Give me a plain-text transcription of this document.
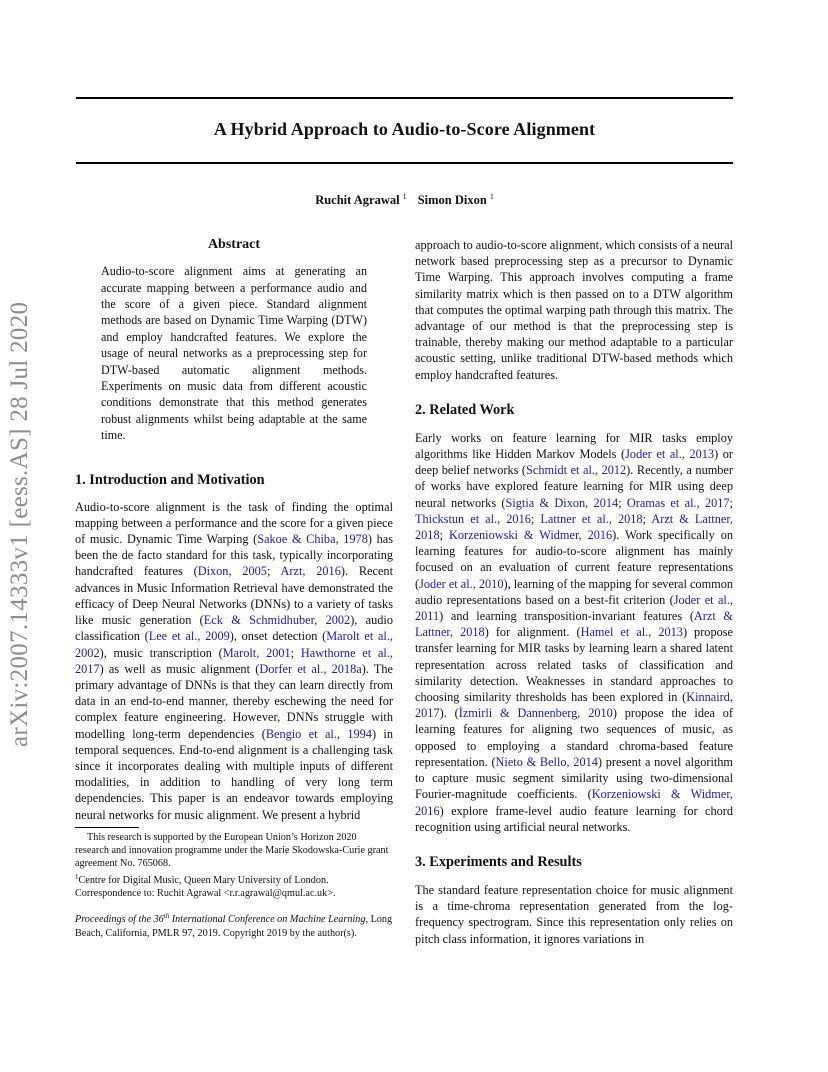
A Hybrid Approach to Audio-to-Score Alignment
Ruchit Agrawal $^1$ Simon Dixon $^1$
arXiv:2007.14333v1 [eess.AS] 28 Jul 2020
Abstract

Audio-to-score alignment aims at generating an accurate mapping between a performance audio and the score of a given piece. Standard alignment methods are based on Dynamic Time Warping (DTW) and employ handcrafted features. We explore the usage of neural networks as a preprocessing step for DTW-based automatic alignment methods. Experiments on music data from different acoustic conditions demonstrate that this method generates robust alignments whilst being adaptable at the same time.

1. Introduction and Motivation

Audio-to-score alignment is the task of finding the optimal mapping between a performance and the score for a given piece of music. Dynamic Time Warping (Sakoe & Chiba, 1978) has been the de facto standard for this task, typically incorporating handcrafted features (Dixon, 2005; Arzt, 2016). Recent advances in Music Information Retrieval have demonstrated the efficacy of Deep Neural Networks (DNNs) to a variety of tasks like music generation (Eck & Schmidhuber, 2002), audio classification (Lee et al., 2009), onset detection (Marolt et al., 2002), music transcription (Marolt, 2001; Hawthorne et al., 2017) as well as music alignment (Dorfer et al., 2018a). The primary advantage of DNNs is that they can learn directly from data in an end-to-end manner, thereby eschewing the need for complex feature engineering. However, DNNs struggle with modelling long-term dependencies (Bengio et al., 1994) in temporal sequences. End-to-end alignment is a challenging task since it incorporates dealing with multiple inputs of different modalities, in addition to handling of very long term dependencies. This paper is an endeavor towards employing neural networks for music alignment. We present a hybrid

This research is supported by the European Union’s Horizon 2020 research and innovation programme under the Marie Skodowska-Curie grant agreement No. 765068.

$^1$Centre for Digital Music, Queen Mary University of London. Correspondence to: Ruchit Agrawal <r.r.agrawal@qmul.ac.uk>.

Proceedings of the 36th International Conference on Machine Learning, Long Beach, California, PMLR 97, 2019. Copyright 2019 by the author(s).

approach to audio-to-score alignment, which consists of a neural network based preprocessing step as a precursor to Dynamic Time Warping. This approach involves computing a frame similarity matrix which is then passed on to a DTW algorithm that computes the optimal warping path through this matrix. The advantage of our method is that the preprocessing step is trainable, thereby making our method adaptable to a particular acoustic setting, unlike traditional DTW-based methods which employ handcrafted features.

2. Related Work

Early works on feature learning for MIR tasks employ algorithms like Hidden Markov Models (Joder et al., 2013) or deep belief networks (Schmidt et al., 2012). Recently, a number of works have explored feature learning for MIR using deep neural networks (Sigtia & Dixon, 2014; Oramas et al., 2017; Thickstun et al., 2016; Lattner et al., 2018; Arzt & Lattner, 2018; Korzeniowski & Widmer, 2016). Work specifically on learning features for audio-to-score alignment has mainly focused on an evaluation of current feature representations (Joder et al., 2010), learning of the mapping for several common audio representations based on a best-fit criterion (Joder et al., 2011) and learning transposition-invariant features (Arzt & Lattner, 2018) for alignment. (Hamel et al., 2013) propose transfer learning for MIR tasks by learning learn a shared latent representation across related tasks of classification and similarity detection. Weaknesses in standard approaches to choosing similarity thresholds has been explored in (Kinnaird, 2017). (İzmirli & Dannenberg, 2010) propose the idea of learning features for aligning two sequences of music, as opposed to employing a standard chroma-based feature representation. (Nieto & Bello, 2014) present a novel algorithm to capture music segment similarity using two-dimensional Fourier-magnitude coefficients. (Korzeniowski & Widmer, 2016) explore frame-level audio feature learning for chord recognition using artificial neural networks.

3. Experiments and Results

The standard feature representation choice for music alignment is a time-chroma representation generated from the log-frequency spectrogram. Since this representation only relies on pitch class information, it ignores variations in
